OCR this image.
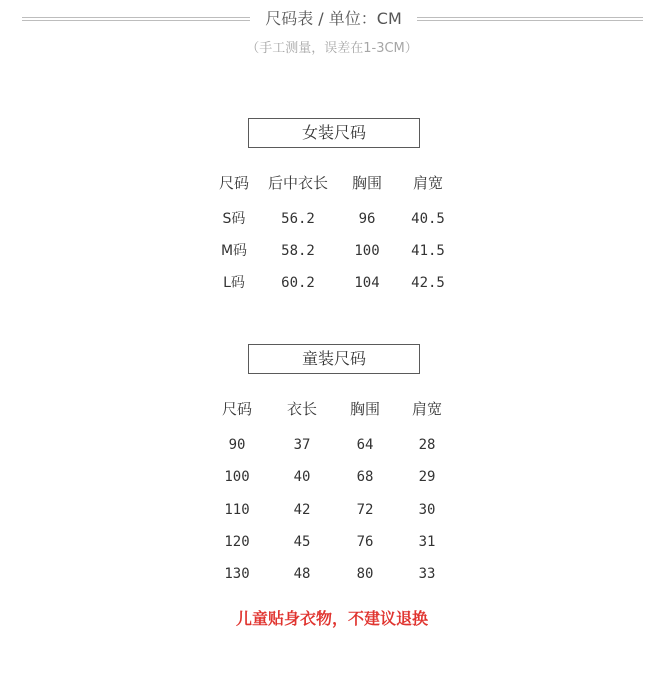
尺码表 / 单位：CM
（手工测量，误差在1-3CM）
女装尺码
尺码	后中衣长	胸围	肩宽
S码	56.2	96	40.5
M码	58.2	100	41.5
L码	60.2	104	42.5
童装尺码
尺码	衣长	胸围	肩宽
90	37	64	28
100	40	68	29
110	42	72	30
120	45	76	31
130	48	80	33
儿童贴身衣物，不建议退换
